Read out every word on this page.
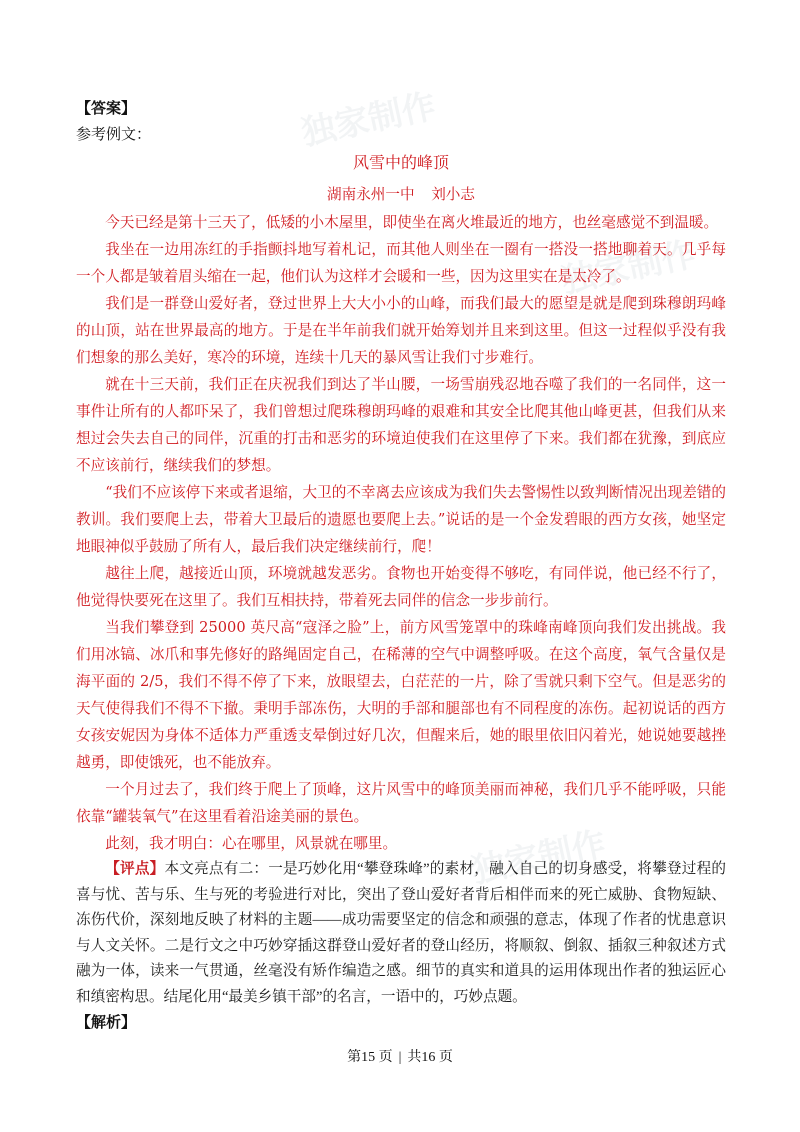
独家制作
独家制作
独家制作
【答案】
参考例文：
风雪中的峰顶
湖南永州一中 刘小志

今天已经是第十三天了，低矮的小木屋里，即使坐在离火堆最近的地方，也丝毫感觉不到温暖。

我坐在一边用冻红的手指颤抖地写着札记，而其他人则坐在一圈有一搭没一搭地聊着天。几乎每一个人都是皱着眉头缩在一起，他们认为这样才会暖和一些，因为这里实在是太冷了。

我们是一群登山爱好者，登过世界上大大小小的山峰，而我们最大的愿望是就是爬到珠穆朗玛峰的山顶，站在世界最高的地方。于是在半年前我们就开始筹划并且来到这里。但这一过程似乎没有我们想象的那么美好，寒冷的环境，连续十几天的暴风雪让我们寸步难行。

就在十三天前，我们正在庆祝我们到达了半山腰，一场雪崩残忍地吞噬了我们的一名同伴，这一事件让所有的人都吓呆了，我们曾想过爬珠穆朗玛峰的艰难和其安全比爬其他山峰更甚，但我们从来想过会失去自己的同伴，沉重的打击和恶劣的环境迫使我们在这里停了下来。我们都在犹豫，到底应不应该前行，继续我们的梦想。

“我们不应该停下来或者退缩，大卫的不幸离去应该成为我们失去警惕性以致判断情况出现差错的教训。我们要爬上去，带着大卫最后的遗愿也要爬上去。”说话的是一个金发碧眼的西方女孩，她坚定地眼神似乎鼓励了所有人，最后我们决定继续前行，爬！

越往上爬，越接近山顶，环境就越发恶劣。食物也开始变得不够吃，有同伴说，他已经不行了，他觉得快要死在这里了。我们互相扶持，带着死去同伴的信念一步步前行。

当我们攀登到 25000 英尺高“寇泽之脸”上，前方风雪笼罩中的珠峰南峰顶向我们发出挑战。我们用冰镐、冰爪和事先修好的路绳固定自己，在稀薄的空气中调整呼吸。在这个高度，氧气含量仅是海平面的 2/5，我们不得不停了下来，放眼望去，白茫茫的一片，除了雪就只剩下空气。但是恶劣的天气使得我们不得不下撤。秉明手部冻伤，大明的手部和腿部也有不同程度的冻伤。起初说话的西方女孩安妮因为身体不适体力严重透支晕倒过好几次，但醒来后，她的眼里依旧闪着光，她说她要越挫越勇，即使饿死，也不能放弃。

一个月过去了，我们终于爬上了顶峰，这片风雪中的峰顶美丽而神秘，我们几乎不能呼吸，只能依靠“罐装氧气”在这里看着沿途美丽的景色。

此刻，我才明白：心在哪里，风景就在哪里。

【评点】本文亮点有二：一是巧妙化用“攀登珠峰”的素材，融入自己的切身感受，将攀登过程的喜与忧、苦与乐、生与死的考验进行对比，突出了登山爱好者背后相伴而来的死亡威胁、食物短缺、冻伤代价，深刻地反映了材料的主题——成功需要坚定的信念和顽强的意志，体现了作者的忧患意识与人文关怀。二是行文之中巧妙穿插这群登山爱好者的登山经历，将顺叙、倒叙、插叙三种叙述方式融为一体，读来一气贯通，丝毫没有矫作编造之感。细节的真实和道具的运用体现出作者的独运匠心和缜密构思。结尾化用“最美乡镇干部”的名言，一语中的，巧妙点题。

【解析】
第15 页 | 共16 页
